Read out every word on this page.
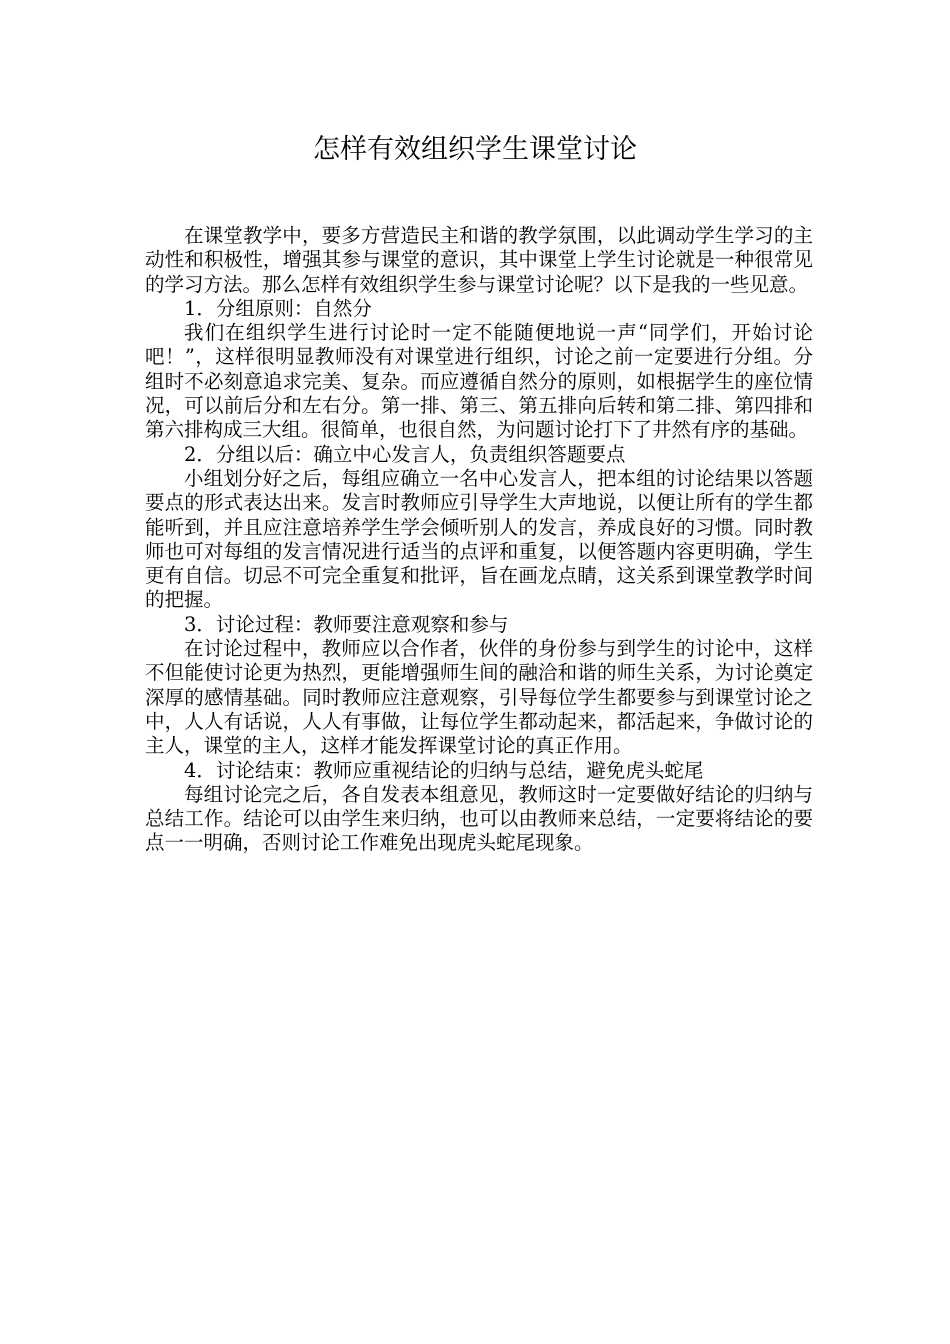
怎样有效组织学生课堂讨论

在课堂教学中，要多方营造民主和谐的教学氛围，以此调动学生学习的主动性和积极性，增强其参与课堂的意识，其中课堂上学生讨论就是一种很常见的学习方法。那么怎样有效组织学生参与课堂讨论呢？以下是我的一些见意。

1．分组原则：自然分

我们在组织学生进行讨论时一定不能随便地说一声“同学们，开始讨论吧！”，这样很明显教师没有对课堂进行组织，讨论之前一定要进行分组。分组时不必刻意追求完美、复杂。而应遵循自然分的原则，如根据学生的座位情况，可以前后分和左右分。第一排、第三、第五排向后转和第二排、第四排和第六排构成三大组。很简单，也很自然，为问题讨论打下了井然有序的基础。

2．分组以后：确立中心发言人，负责组织答题要点

小组划分好之后，每组应确立一名中心发言人，把本组的讨论结果以答题要点的形式表达出来。发言时教师应引导学生大声地说，以便让所有的学生都能听到，并且应注意培养学生学会倾听别人的发言，养成良好的习惯。同时教师也可对每组的发言情况进行适当的点评和重复，以便答题内容更明确，学生更有自信。切忌不可完全重复和批评，旨在画龙点睛，这关系到课堂教学时间的把握。

3．讨论过程：教师要注意观察和参与

在讨论过程中，教师应以合作者，伙伴的身份参与到学生的讨论中，这样不但能使讨论更为热烈，更能增强师生间的融洽和谐的师生关系，为讨论奠定深厚的感情基础。同时教师应注意观察，引导每位学生都要参与到课堂讨论之中，人人有话说，人人有事做，让每位学生都动起来，都活起来，争做讨论的主人，课堂的主人，这样才能发挥课堂讨论的真正作用。

4．讨论结束：教师应重视结论的归纳与总结，避免虎头蛇尾

每组讨论完之后，各自发表本组意见，教师这时一定要做好结论的归纳与总结工作。结论可以由学生来归纳，也可以由教师来总结，一定要将结论的要点一一明确，否则讨论工作难免出现虎头蛇尾现象。
